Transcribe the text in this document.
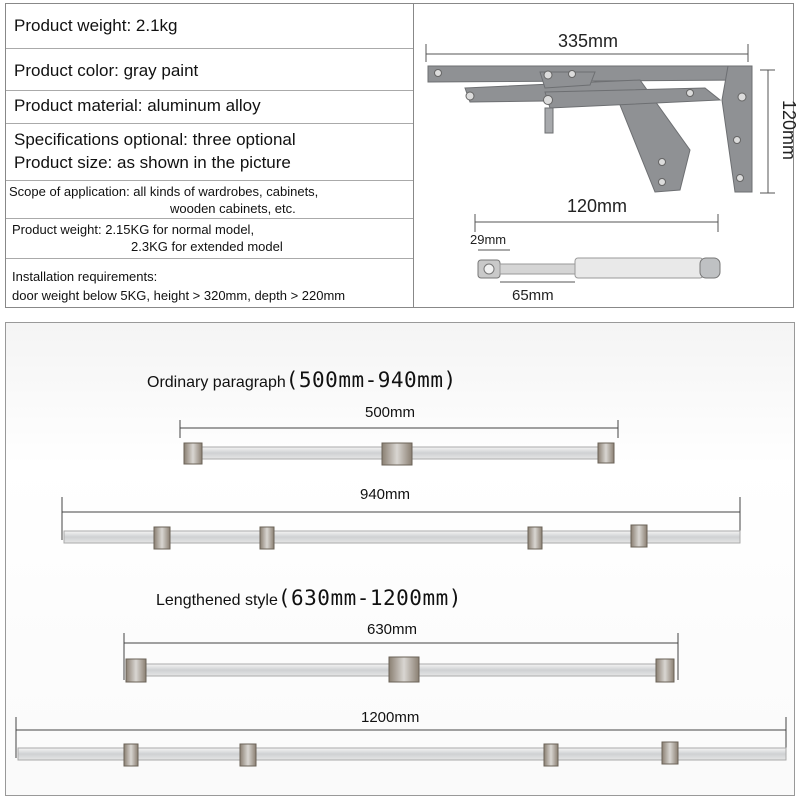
Product weight: 2.1kg
Product color: gray paint
Product material: aluminum alloy
Specifications optional: three optional
Product size: as shown in the picture
Scope of application: all kinds of wardrobes, cabinets,
wooden cabinets, etc.
Product weight: 2.15KG for normal model,
2.3KG for extended model
Installation requirements:
door weight below 5KG, height > 320mm, depth > 220mm
335mm
120mm
120mm
29mm
65mm
Ordinary paragraph(500mm-940mm)
500mm
940mm
Lengthened style(630mm-1200mm)
630mm
1200mm
